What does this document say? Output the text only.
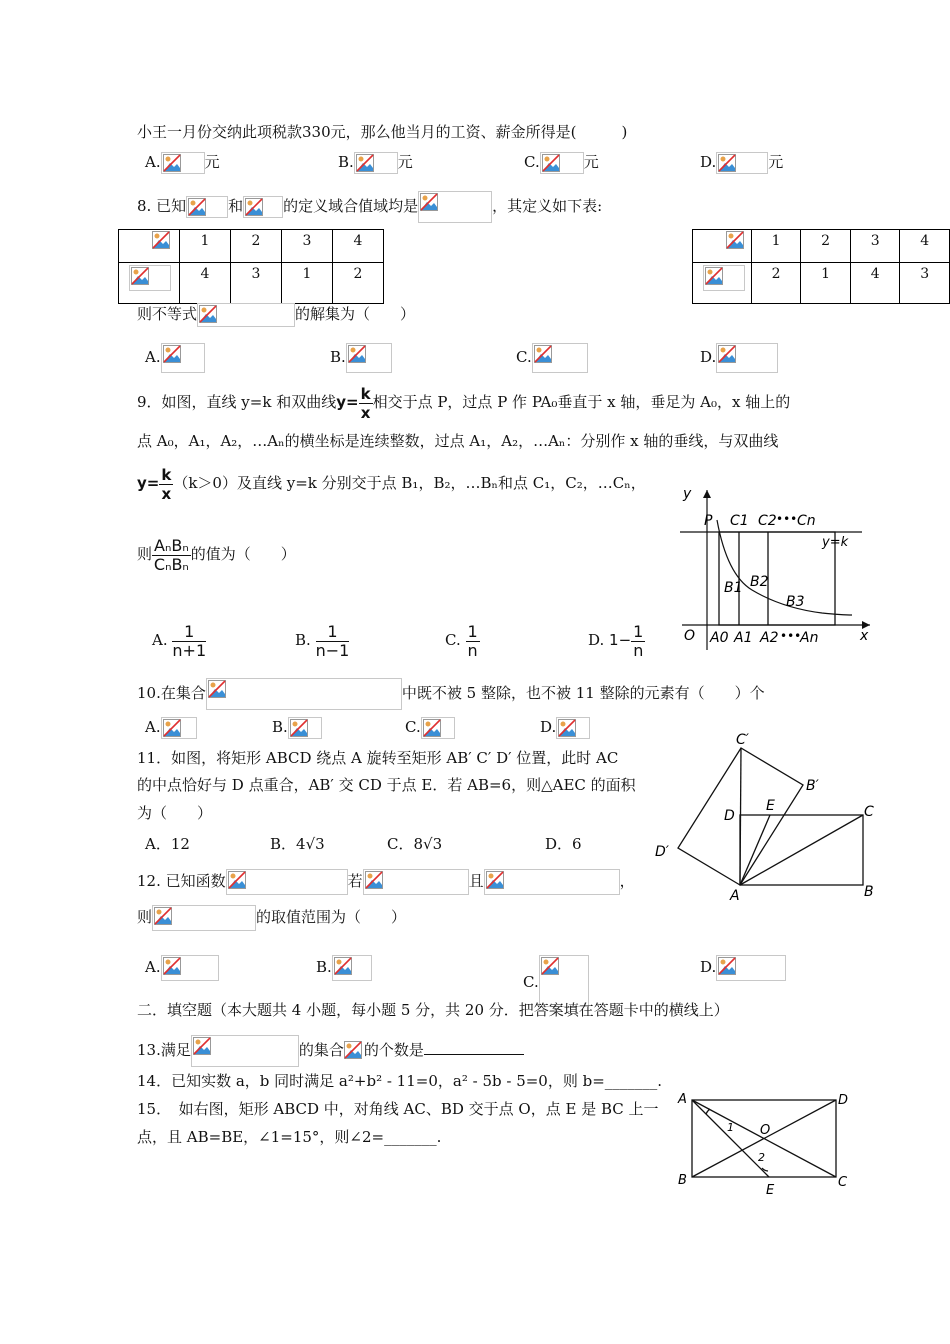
小王一月份交纳此项税款330元，那么他当月的工资、薪金所得是(　　　)
A.	元	B.	元	C.	元	D.	元
8. 已知	和	的定义域合值域均是	，其定义如下表:
	1	2	3	4

	4	3	1	2
	1	2	3	4

	2	1	4	3
则不等式	的解集为（　　）
A.	B.	C.	D.
9．如图，直线 y=k 和双曲线$y= \frac{k}{x}$ 相交于点 P，过点 P 作 PA₀垂直于 x 轴，垂足为 A₀，x 轴上的
点 A₀，A₁，A₂，…Aₙ的横坐标是连续整数，过点 A₁，A₂，…Aₙ：分别作 x 轴的垂线，与双曲线
$y= \frac{k}{x} (k>0)$及直线 y=k 分别交于点 B₁，B₂，…Bₙ和点 C₁，C₂，…Cₙ，
则 $\frac{\text{AₙBₙ}}{\text{CₙBₙ}}$ 的值为（　　）
A. $\frac{1}{n+1}$	B. $\frac{1}{n-1}$	C. $\frac{1}{n}$	D. $1- \frac{1}{n}$
y
x
O
P C1 C2 ••• Cn
y=k
B1 B2
B3
A0 A1 A2 •••
An
10.在集合	中既不被 5 整除，也不被 11 整除的元素有（　　）个
A.	B.	C.	D.
11．如图，将矩形 ABCD 绕点 A 旋转至矩形 AB′ C′ D′ 位置，此时 AC
的中点恰好与 D 点重合，AB′ 交 CD 于点 E．若 AB=6，则△AEC 的面积
为（　　）
A．12	B．4√3	C．8√3	D．6
C′
B′
D
E	C
D′
A	B
12. 已知函数	若	且	，
则	的取值范围为（　　）
A.	B.
C.
D.
二．填空题（本大题共 4 小题，每小题 5 分，共 20 分．把答案填在答题卡中的横线上）
13.满足	的集合 的个数是
14．已知实数 a，b 同时满足 a²+b² - 11=0，a² - 5b - 5=0，则 b=_______.
15．　如右图，矩形 ABCD 中，对角线 AC、BD 交于点 O，点 E 是 BC 上一
点，且 AB=BE，∠1=15°，则∠2=_______.
A	D
O
1
2
B
E
C
